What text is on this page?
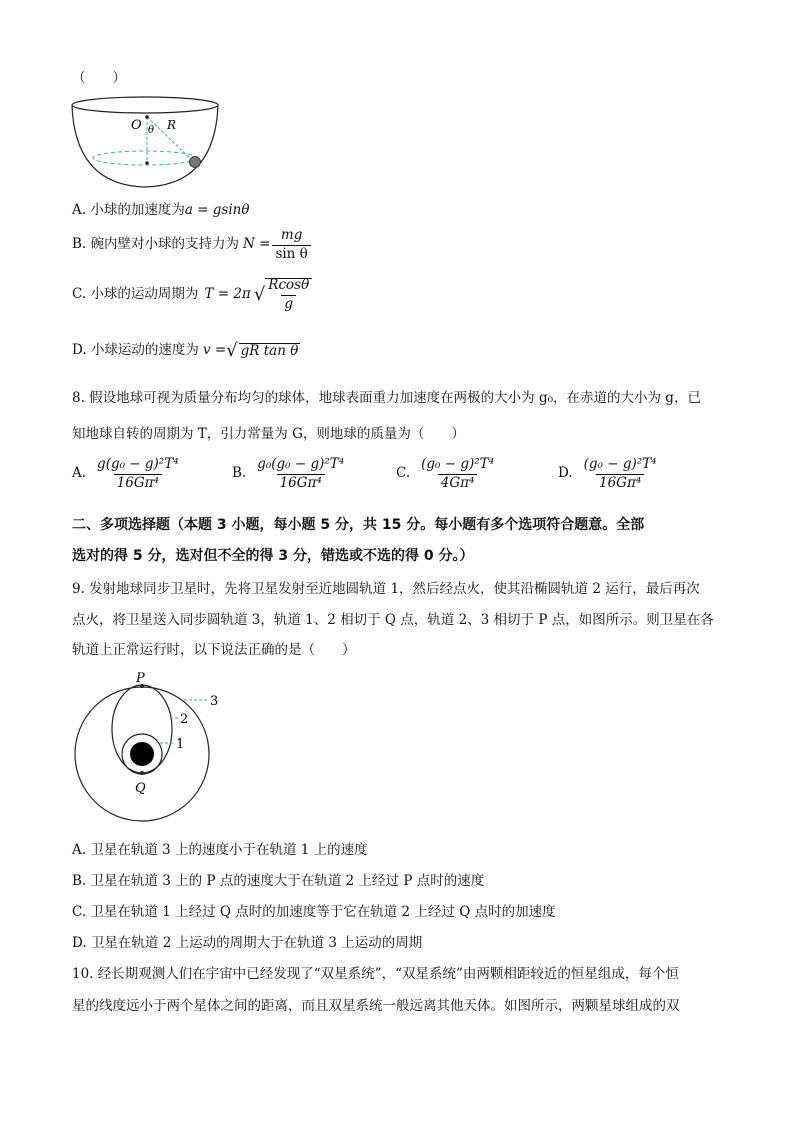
（　　）
O θ R
A. 小球的加速度为a = gsinθ
B.
碗内壁对小球的支持力为 $N = \frac{mg}{\text{sin θ}}$
C.
小球的运动周期为 T = 2π √ $\frac{Rcos\theta}{g}$
D.
小球运动的速度为 v = √ gR tan θ
8. 假设地球可视为质量分布均匀的球体，地球表面重力加速度在两极的大小为 g₀，在赤道的大小为 g，已
知地球自转的周期为 T，引力常量为 G，则地球的质量为（　　）
A. $\frac{\text{g(g₀ − g)²T⁴}}{\text{16Gπ⁴}}$	B. $\frac{\text{g₀(g₀ − g)²T⁴}}{\text{16Gπ⁴}}$	C. $\frac{\text{(g₀ − g)²T⁴}}{\text{4Gπ⁴}}$	D. $\frac{\text{(g₀ − g)²T⁴}}{\text{16Gπ⁴}}$
二、多项选择题（本题 3 小题，每小题 5 分，共 15 分。每小题有多个选项符合题意。全部
选对的得 5 分，选对但不全的得 3 分，错选或不选的得 0 分。）
9. 发射地球同步卫星时，先将卫星发射至近地圆轨道 1，然后经点火，使其沿椭圆轨道 2 运行，最后再次
点火，将卫星送入同步圆轨道 3，轨道 1、2 相切于 Q 点，轨道 2、3 相切于 P 点，如图所示。则卫星在各
轨道上正常运行时，以下说法正确的是（　　）
P
Q
3
2
1
A. 卫星在轨道 3 上的速度小于在轨道 1 上的速度
B. 卫星在轨道 3 上的 P 点的速度大于在轨道 2 上经过 P 点时的速度
C. 卫星在轨道 1 上经过 Q 点时的加速度等于它在轨道 2 上经过 Q 点时的加速度
D. 卫星在轨道 2 上运动的周期大于在轨道 3 上运动的周期
10. 经长期观测人们在宇宙中已经发现了“双星系统”，“双星系统”由两颗相距较近的恒星组成，每个恒
星的线度远小于两个星体之间的距离，而且双星系统一般远离其他天体。如图所示，两颗星球组成的双
